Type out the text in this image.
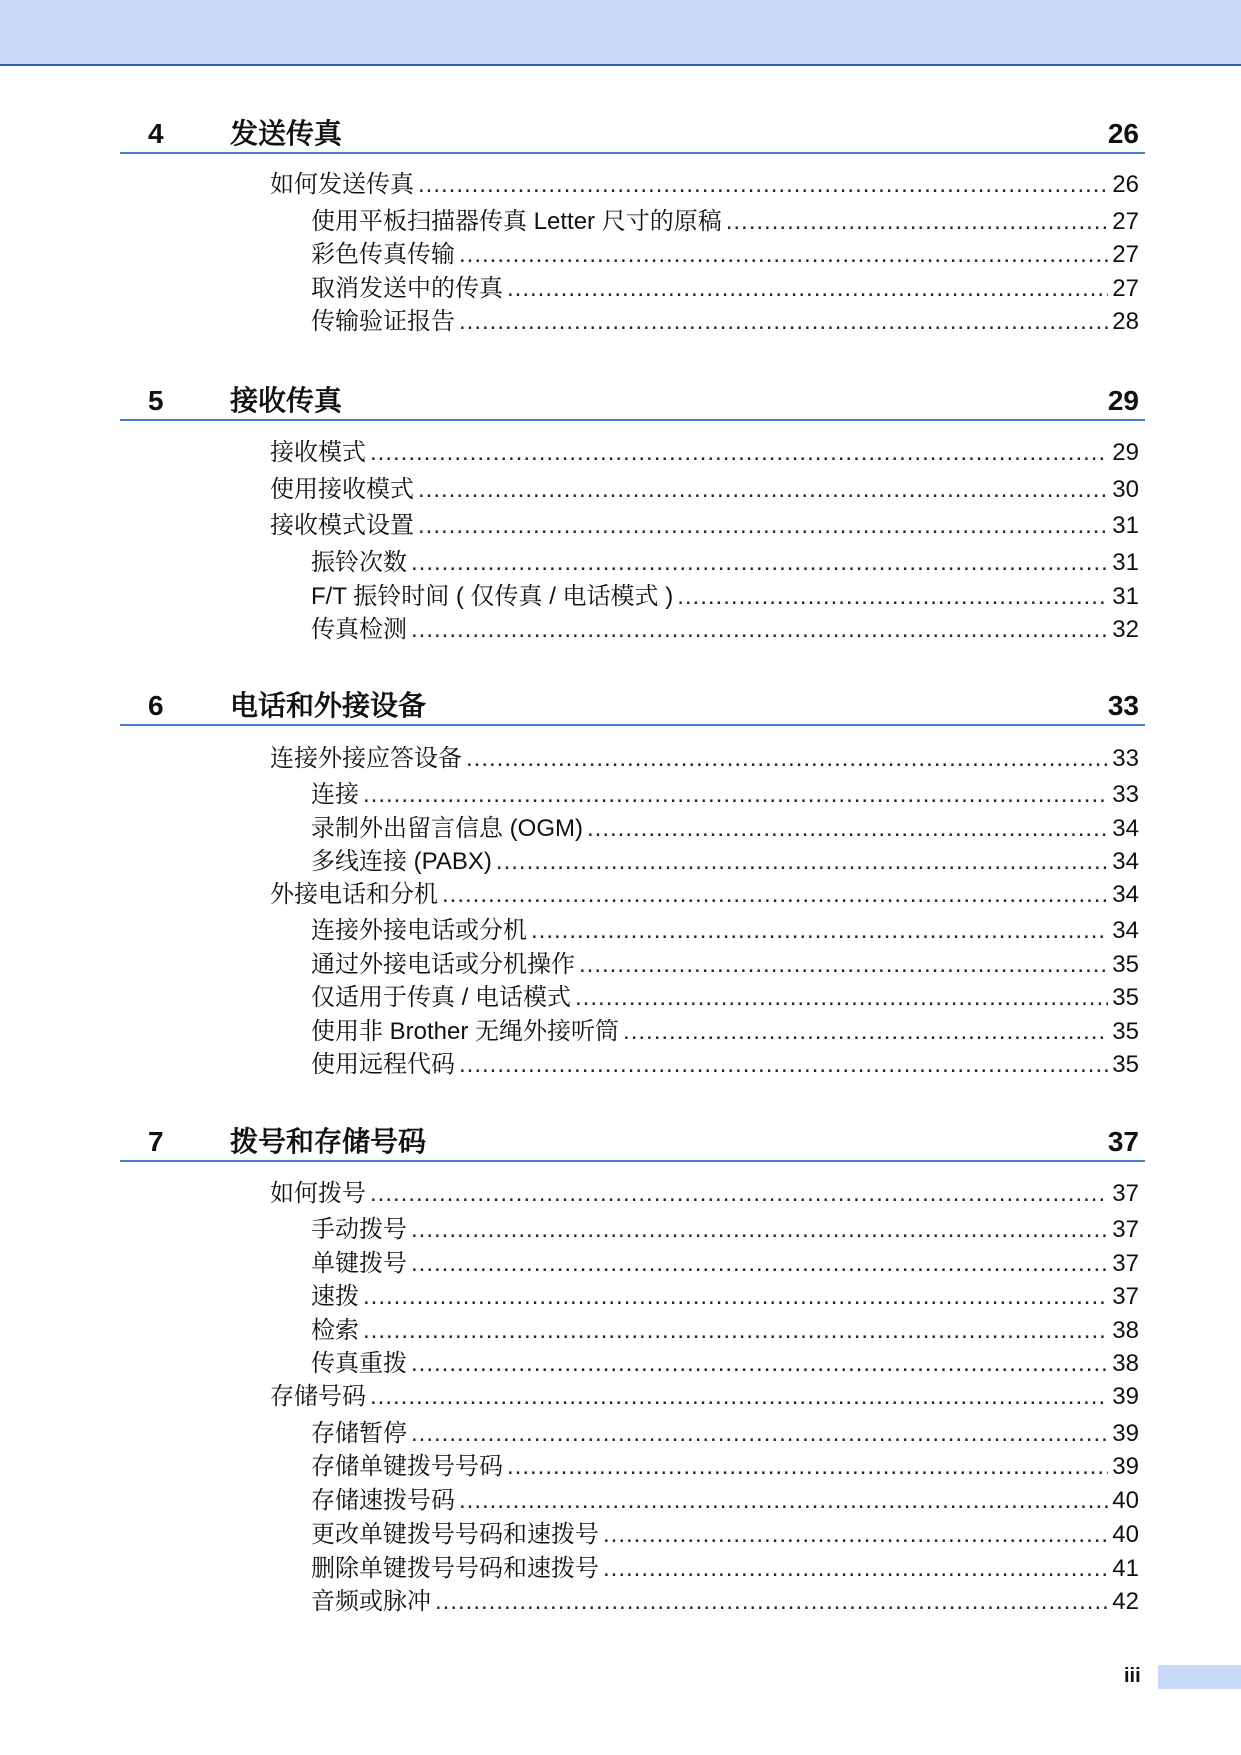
4 发送传真	26
如何发送传真 .....	26
使用平板扫描器传真 Letter 尺寸的原稿 .....	27
彩色传真传输 .....	27
取消发送中的传真 .....	27
传输验证报告 .....	28
5 接收传真	29
接收模式 .....	29
使用接收模式 .....	30
接收模式设置 .....	31
振铃次数 .....	31
F/T 振铃时间 ( 仅传真 / 电话模式 ) .....	31
传真检测 .....	32
6 电话和外接设备	33
连接外接应答设备 .....	33
连接 .....	33
录制外出留言信息 (OGM) .....	34
多线连接 (PABX) .....	34
外接电话和分机 .....	34
连接外接电话或分机 .....	34
通过外接电话或分机操作 .....	35
仅适用于传真 / 电话模式 .....	35
使用非 Brother 无绳外接听筒 .....	35
使用远程代码 .....	35
7 拨号和存储号码	37
如何拨号 .....	37
手动拨号 .....	37
单键拨号 .....	37
速拨 .....	37
检索 .....	38
传真重拨 .....	38
存储号码 .....	39
存储暂停 .....	39
存储单键拨号号码 .....	39
存储速拨号码 .....	40
更改单键拨号号码和速拨号 .....	40
删除单键拨号号码和速拨号 .....	41
音频或脉冲 .....	42
iii
